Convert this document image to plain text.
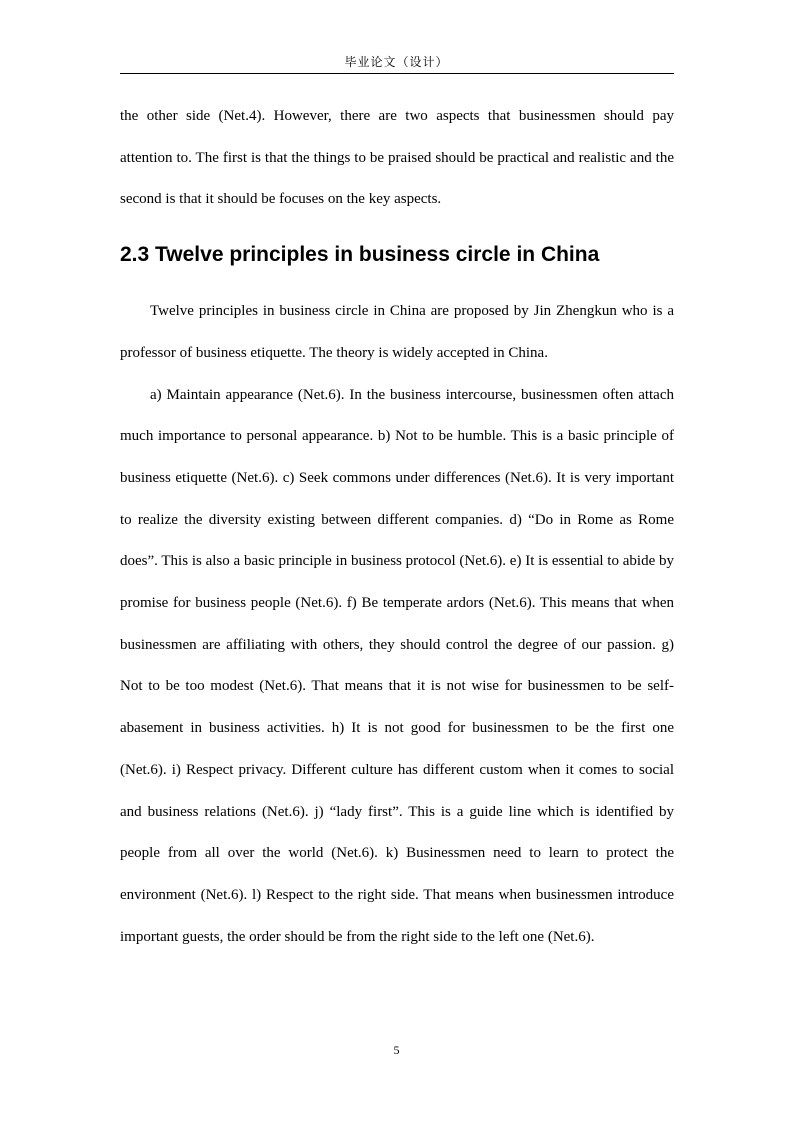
毕业论文（设计）

the other side (Net.4). However, there are two aspects that businessmen should pay attention to. The first is that the things to be praised should be practical and realistic and the second is that it should be focuses on the key aspects.

2.3 Twelve principles in business circle in China

Twelve principles in business circle in China are proposed by Jin Zhengkun who is a professor of business etiquette. The theory is widely accepted in China.

a) Maintain appearance (Net.6). In the business intercourse, businessmen often attach much importance to personal appearance. b) Not to be humble. This is a basic principle of business etiquette (Net.6). c) Seek commons under differences (Net.6). It is very important to realize the diversity existing between different companies. d) “Do in Rome as Rome does”. This is also a basic principle in business protocol (Net.6). e) It is essential to abide by promise for business people (Net.6). f) Be temperate ardors (Net.6). This means that when businessmen are affiliating with others, they should control the degree of our passion. g) Not to be too modest (Net.6). That means that it is not wise for businessmen to be self-abasement in business activities. h) It is not good for businessmen to be the first one (Net.6). i) Respect privacy. Different culture has different custom when it comes to social and business relations (Net.6). j) “lady first”. This is a guide line which is identified by people from all over the world (Net.6). k) Businessmen need to learn to protect the environment (Net.6). l) Respect to the right side. That means when businessmen introduce important guests, the order should be from the right side to the left one (Net.6).

5
